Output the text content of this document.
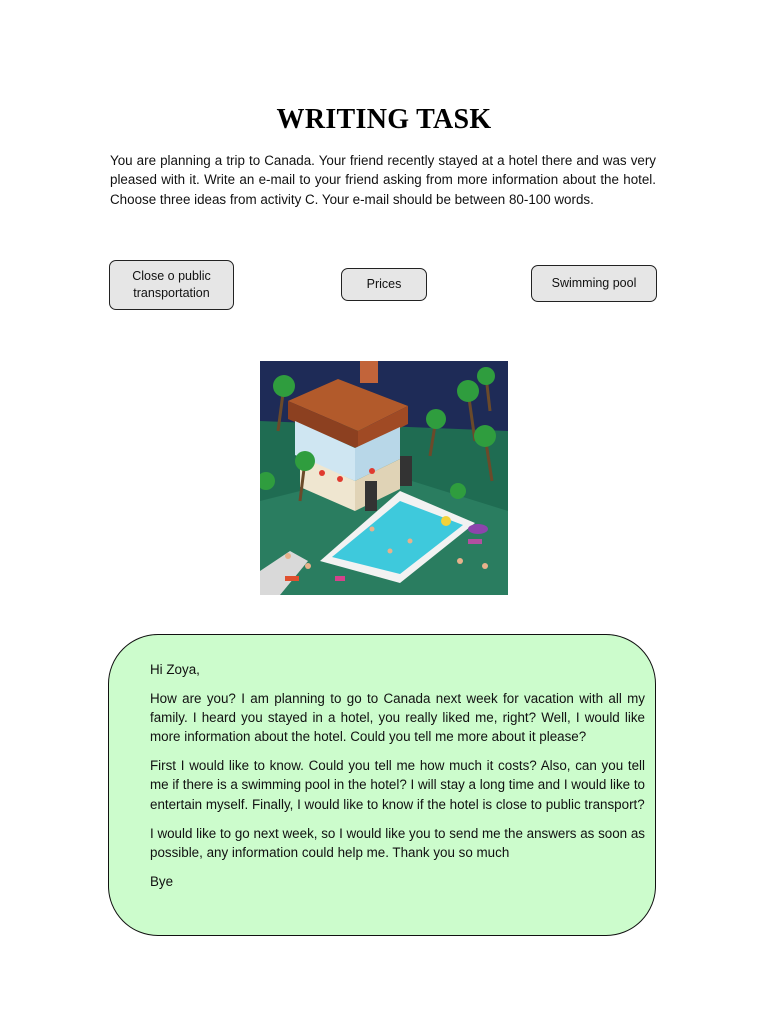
WRITING TASK
You are planning a trip to Canada. Your friend recently stayed at a hotel there and was very pleased with it. Write an e-mail to your friend asking from more information about the hotel. Choose three ideas from activity C. Your e-mail should be between 80-100 words.
Close o public transportation
Prices	Swimming pool

Hi Zoya,

How are you? I am planning to go to Canada next week for vacation with all my family. I heard you stayed in a hotel, you really liked me, right? Well, I would like more information about the hotel. Could you tell me more about it please?

First I would like to know. Could you tell me how much it costs? Also, can you tell me if there is a swimming pool in the hotel? I will stay a long time and I would like to entertain myself. Finally, I would like to know if the hotel is close to public transport?

I would like to go next week, so I would like you to send me the answers as soon as possible, any information could help me. Thank you so much

Bye
